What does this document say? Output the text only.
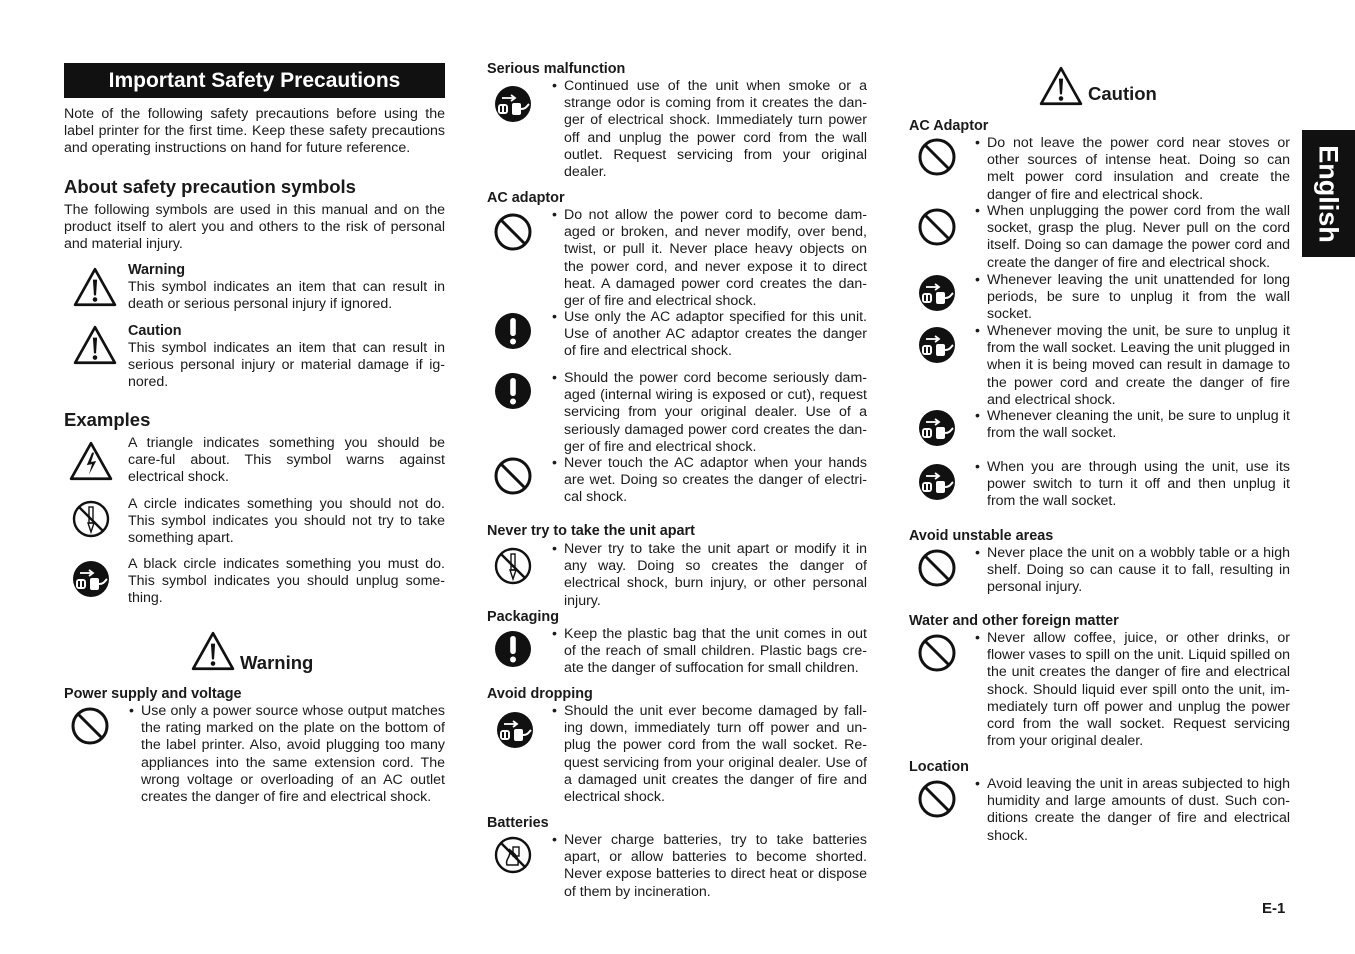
Important Safety Precautions
Note of the following safety precautions before using the label printer for the first time. Keep these safety precautions and operating instructions on hand for future reference.
About safety precaution symbols
The following symbols are used in this manual and on the product itself to alert you and others to the risk of personal and material injury.
Warning
This symbol indicates an item that can result in death or serious personal injury if ignored.
Caution
This symbol indicates an item that can result in serious personal injury or material damage if ig-nored.
Examples
A triangle indicates something you should be care-ful about. This symbol warns against electrical shock.
A circle indicates something you should not do. This symbol indicates you should not try to take something apart.
A black circle indicates something you must do. This symbol indicates you should unplug some-thing.
Warning
Power supply and voltage
• Use only a power source whose output matches the rating marked on the plate on the bottom of the label printer. Also, avoid plugging too many appliances into the same extension cord. The wrong voltage or overloading of an AC outlet creates the danger of fire and electrical shock.
Serious malfunction
• Continued use of the unit when smoke or a strange odor is coming from it creates the dan-ger of electrical shock. Immediately turn power off and unplug the power cord from the wall outlet. Request servicing from your original dealer.
AC adaptor
• Do not allow the power cord to become dam-aged or broken, and never modify, over bend, twist, or pull it. Never place heavy objects on the power cord, and never expose it to direct heat. A damaged power cord creates the dan-ger of fire and electrical shock.
• Use only the AC adaptor specified for this unit. Use of another AC adaptor creates the danger of fire and electrical shock.
• Should the power cord become seriously dam-aged (internal wiring is exposed or cut), request servicing from your original dealer. Use of a seriously damaged power cord creates the dan-ger of fire and electrical shock.
• Never touch the AC adaptor when your hands are wet. Doing so creates the danger of electri-cal shock.
Never try to take the unit apart
• Never try to take the unit apart or modify it in any way. Doing so creates the danger of electrical shock, burn injury, or other personal injury.
Packaging
• Keep the plastic bag that the unit comes in out of the reach of small children. Plastic bags cre-ate the danger of suffocation for small children.
Avoid dropping
• Should the unit ever become damaged by fall-ing down, immediately turn off power and un-plug the power cord from the wall socket. Re-quest servicing from your original dealer. Use of a damaged unit creates the danger of fire and electrical shock.
Batteries
• Never charge batteries, try to take batteries apart, or allow batteries to become shorted. Never expose batteries to direct heat or dispose of them by incineration.
Caution
AC Adaptor
• Do not leave the power cord near stoves or other sources of intense heat. Doing so can melt power cord insulation and create the danger of fire and electrical shock.
• When unplugging the power cord from the wall socket, grasp the plug. Never pull on the cord itself. Doing so can damage the power cord and create the danger of fire and electrical shock.
• Whenever leaving the unit unattended for long periods, be sure to unplug it from the wall socket.
• Whenever moving the unit, be sure to unplug it from the wall socket. Leaving the unit plugged in when it is being moved can result in damage to the power cord and create the danger of fire and electrical shock.
• Whenever cleaning the unit, be sure to unplug it from the wall socket.
• When you are through using the unit, use its power switch to turn it off and then unplug it from the wall socket.
Avoid unstable areas
• Never place the unit on a wobbly table or a high shelf. Doing so can cause it to fall, resulting in personal injury.
Water and other foreign matter
• Never allow coffee, juice, or other drinks, or flower vases to spill on the unit. Liquid spilled on the unit creates the danger of fire and electrical shock. Should liquid ever spill onto the unit, im-mediately turn off power and unplug the power cord from the wall socket. Request servicing from your original dealer.
Location
• Avoid leaving the unit in areas subjected to high humidity and large amounts of dust. Such con-ditions create the danger of fire and electrical shock.
English
E-1
